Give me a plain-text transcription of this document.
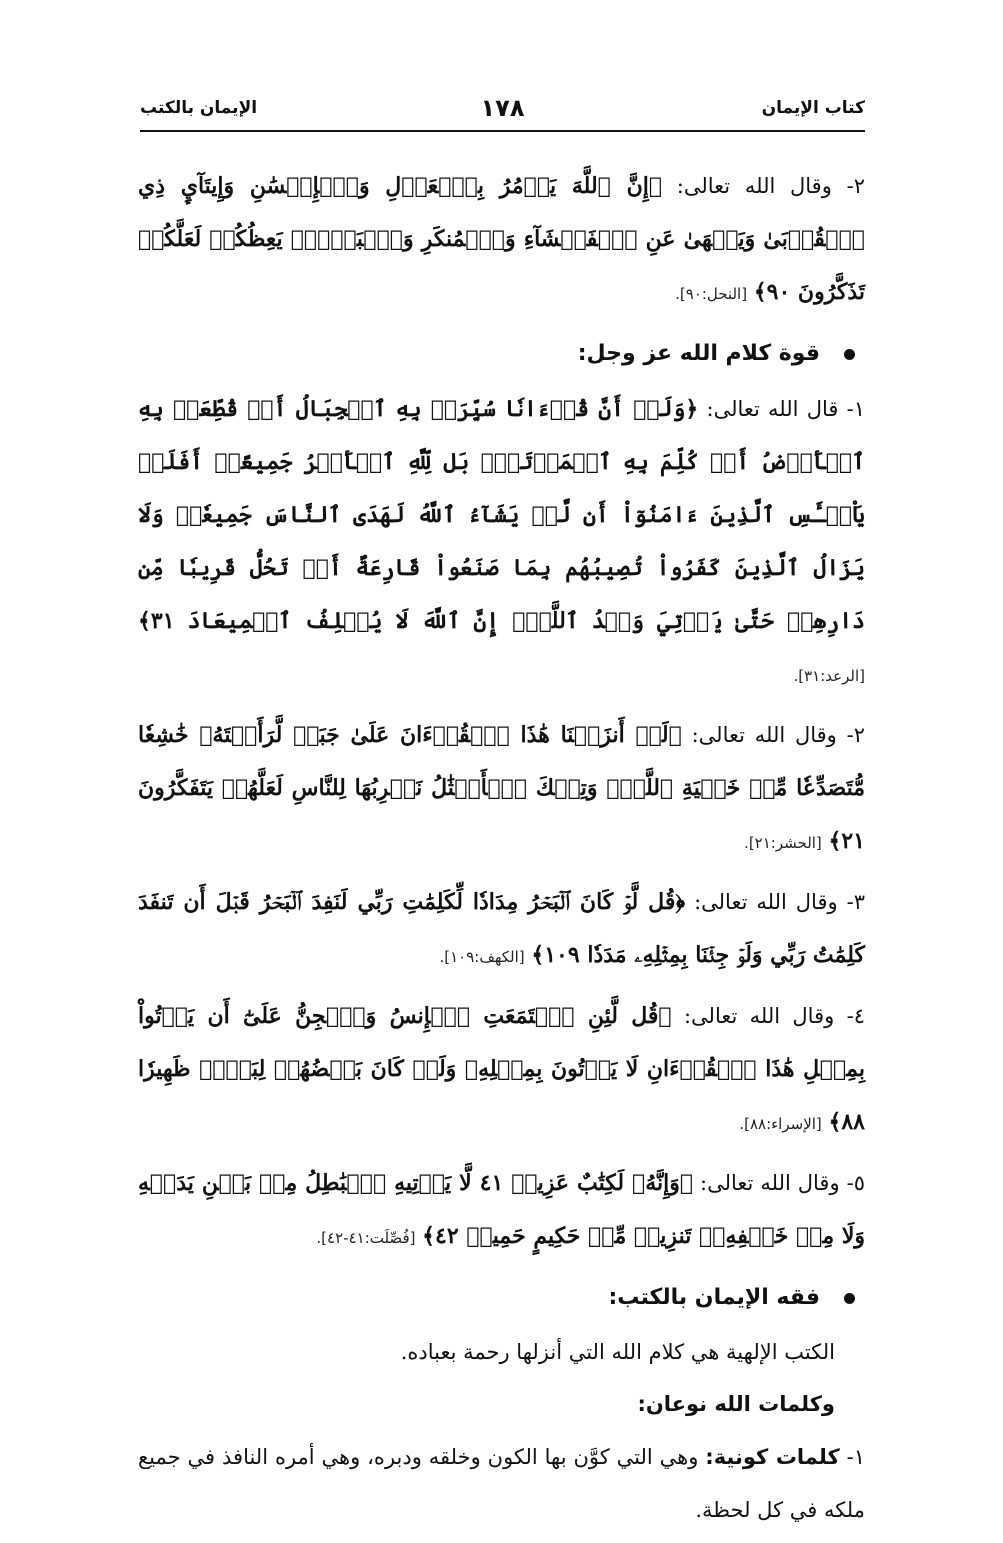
كتاب الإيمان
١٧٨
الإيمان بالكتب

٢- وقال الله تعالى: ﴿إِنَّ ٱللَّهَ يَأۡمُرُ بِٱلۡعَدۡلِ وَٱلۡإِحۡسَٰنِ وَإِيتَآيِٕ ذِي ٱلۡقُرۡبَىٰ وَيَنۡهَىٰ عَنِ ٱلۡفَحۡشَآءِ وَٱلۡمُنكَرِ وَٱلۡبَغۡيِۚ يَعِظُكُمۡ لَعَلَّكُمۡ تَذَكَّرُونَ ٩٠﴾ [النحل:٩٠].

قوة كلام الله عز وجل:

١- قال الله تعالى: ﴿وَلَوۡ أَنَّ قُرۡءَانٗا سُيِّرَتۡ بِهِ ٱلۡجِبَالُ أَوۡ قُطِّعَتۡ بِهِ ٱلۡأَرۡضُ أَوۡ كُلِّمَ بِهِ ٱلۡمَوۡتَىٰۗ بَل لِّلَّهِ ٱلۡأَمۡرُ جَمِيعًاۗ أَفَلَمۡ يَاْيۡـَٔسِ ٱلَّذِينَ ءَامَنُوٓاْ أَن لَّوۡ يَشَآءُ ٱللَّهُ لَهَدَى ٱلنَّاسَ جَمِيعٗاۗ وَلَا يَزَالُ ٱلَّذِينَ كَفَرُواْ تُصِيبُهُم بِمَا صَنَعُواْ قَارِعَةٌ أَوۡ تَحُلُّ قَرِيبٗا مِّن دَارِهِمۡ حَتَّىٰ يَأۡتِيَ وَعۡدُ ٱللَّهِۚ إِنَّ ٱللَّهَ لَا يُخۡلِفُ ٱلۡمِيعَادَ ٣١﴾ [الرعد:٣١].

٢- وقال الله تعالى: ﴿لَوۡ أَنزَلۡنَا هَٰذَا ٱلۡقُرۡءَانَ عَلَىٰ جَبَلٖ لَّرَأَيۡتَهُۥ خَٰشِعٗا مُّتَصَدِّعٗا مِّنۡ خَشۡيَةِ ٱللَّهِۚ وَتِلۡكَ ٱلۡأَمۡثَٰلُ نَضۡرِبُهَا لِلنَّاسِ لَعَلَّهُمۡ يَتَفَكَّرُونَ ٢١﴾ [الحشر:٢١].

٣- وقال الله تعالى: ﴿قُل لَّوۡ كَانَ ٱلۡبَحۡرُ مِدَادٗا لِّكَلِمَٰتِ رَبِّي لَنَفِدَ ٱلۡبَحۡرُ قَبۡلَ أَن تَنفَدَ كَلِمَٰتُ رَبِّي وَلَوۡ جِئۡنَا بِمِثۡلِهِۦ مَدَدٗا ١٠٩﴾ [الكهف:١٠٩].

٤- وقال الله تعالى: ﴿قُل لَّئِنِ ٱجۡتَمَعَتِ ٱلۡإِنسُ وَٱلۡجِنُّ عَلَىٰٓ أَن يَأۡتُواْ بِمِثۡلِ هَٰذَا ٱلۡقُرۡءَانِ لَا يَأۡتُونَ بِمِثۡلِهِۦ وَلَوۡ كَانَ بَعۡضُهُمۡ لِبَعۡضٖ ظَهِيرٗا ٨٨﴾ [الإسراء:٨٨].

٥- وقال الله تعالى: ﴿وَإِنَّهُۥ لَكِتَٰبٌ عَزِيزٞ ٤١ لَّا يَأۡتِيهِ ٱلۡبَٰطِلُ مِنۢ بَيۡنِ يَدَيۡهِ وَلَا مِنۡ خَلۡفِهِۦۖ تَنزِيلٞ مِّنۡ حَكِيمٍ حَمِيدٖ ٤٢﴾ [فُصِّلَت:٤١-٤٢].

فقه الإيمان بالكتب:

الكتب الإلهية هي كلام الله التي أنزلها رحمة بعباده.

وكلمات الله نوعان:

١- كلمات كونية: وهي التي كوَّن بها الكون وخلقه ودبره، وهي أمره النافذ في جميع ملكه في كل لحظة.
